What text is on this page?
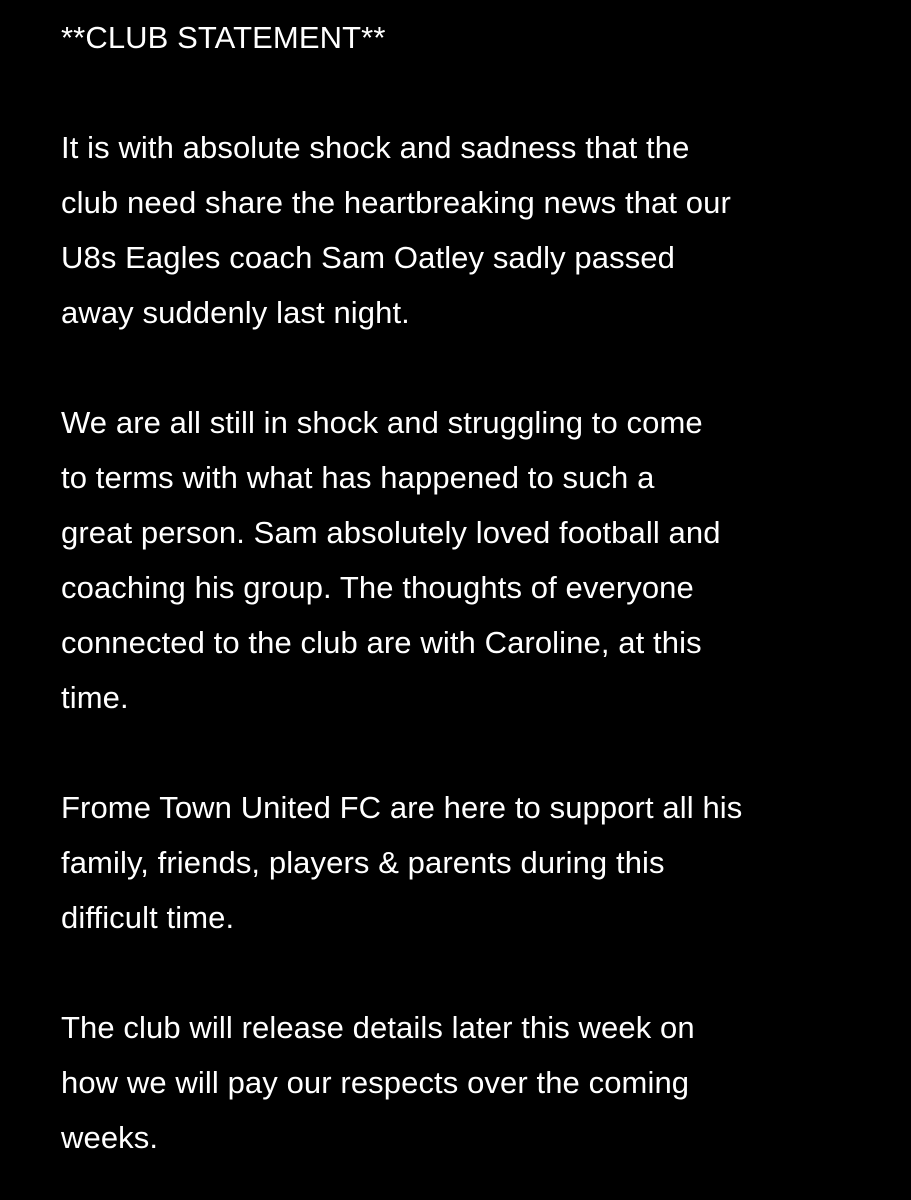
**CLUB STATEMENT**
It is with absolute shock and sadness that the
club need share the heartbreaking news that our
U8s Eagles coach Sam Oatley sadly passed
away suddenly last night.
We are all still in shock and struggling to come
to terms with what has happened to such a
great person. Sam absolutely loved football and
coaching his group. The thoughts of everyone
connected to the club are with Caroline, at this
time.
Frome Town United FC are here to support all his
family, friends, players & parents during this
difficult time.
The club will release details later this week on
how we will pay our respects over the coming
weeks.
